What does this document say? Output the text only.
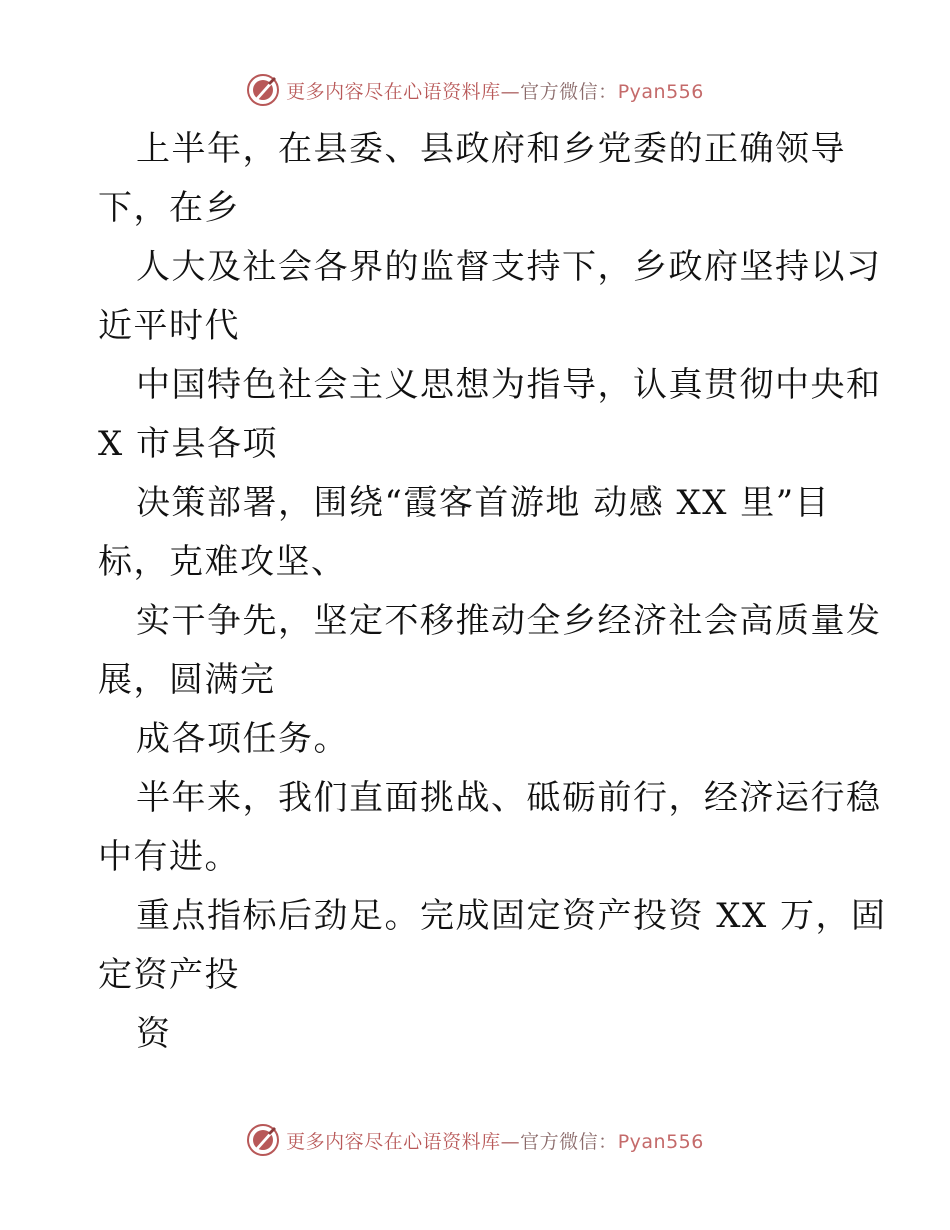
更多内容尽在心语资料库—官方微信：Pyan556
上半年，在县委、县政府和乡党委的正确领导
下，在乡
人大及社会各界的监督支持下，乡政府坚持以习
近平时代
中国特色社会主义思想为指导，认真贯彻中央和
X 市县各项
决策部署，围绕“霞客首游地 动感 XX 里”目
标，克难攻坚、
实干争先，坚定不移推动全乡经济社会高质量发
展，圆满完
成各项任务。
半年来，我们直面挑战、砥砺前行，经济运行稳
中有进。
重点指标后劲足。完成固定资产投资 XX 万，固
定资产投
资
更多内容尽在心语资料库—官方微信：Pyan556
